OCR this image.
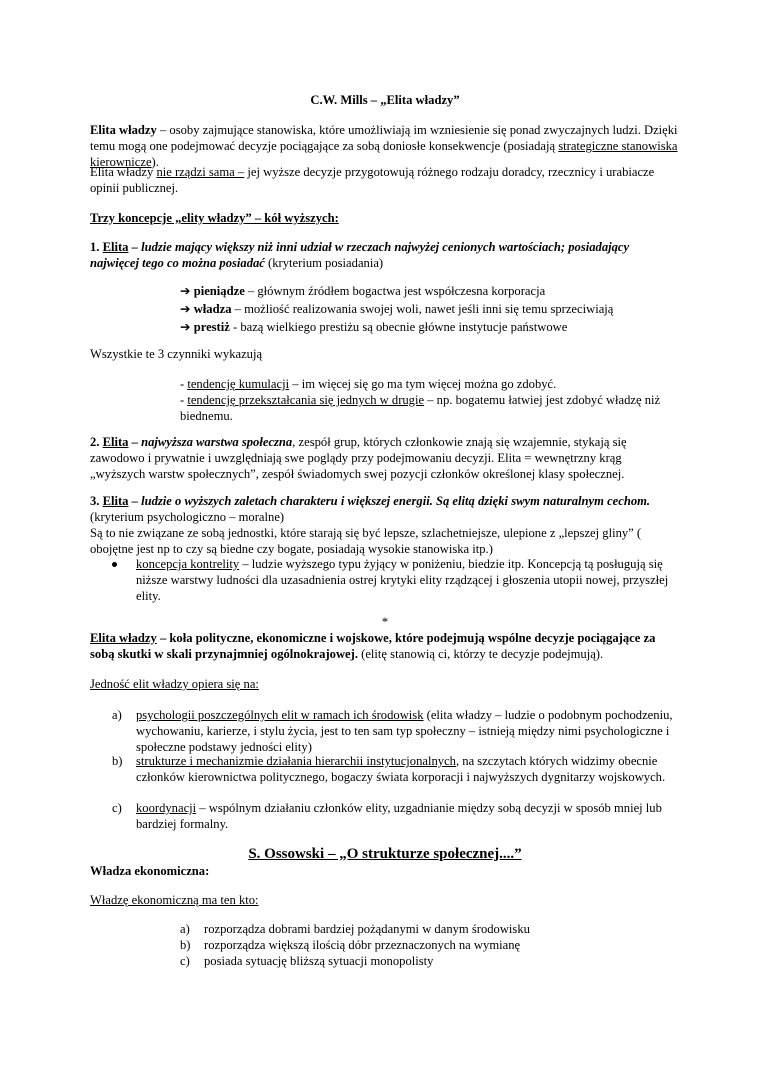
C.W. Mills – „Elita władzy”
Elita władzy – osoby zajmujące stanowiska, które umożliwiają im wzniesienie się ponad zwyczajnych ludzi. Dzięki temu mogą one podejmować decyzje pociągające za sobą doniosłe konsekwencje (posiadają strategiczne stanowiska kierownicze).
Elita władzy nie rządzi sama – jej wyższe decyzje przygotowują różnego rodzaju doradcy, rzecznicy i urabiacze opinii publicznej.
Trzy koncepcje „elity władzy” – kół wyższych:
1. Elita – ludzie mający większy niż inni udział w rzeczach najwyżej cenionych wartościach; posiadający najwięcej tego co można posiadać (kryterium posiadania)
➔ pieniądze – głównym źródłem bogactwa jest współczesna korporacja
➔ władza – możliość realizowania swojej woli, nawet jeśli inni się temu sprzeciwiają
➔ prestiż - bazą wielkiego prestiżu są obecnie główne instytucje państwowe
Wszystkie te 3 czynniki wykazują
- tendencję kumulacji – im więcej się go ma tym więcej można go zdobyć.
- tendencję przekształcania się jednych w drugie – np. bogatemu łatwiej jest zdobyć władzę niż biednemu.
2. Elita – najwyższa warstwa społeczna, zespół grup, których członkowie znają się wzajemnie, stykają się zawodowo i prywatnie i uwzględniają swe poglądy przy podejmowaniu decyzji. Elita = wewnętrzny krąg „wyższych warstw społecznych”, zespół świadomych swej pozycji członków określonej klasy społecznej.
3. Elita – ludzie o wyższych zaletach charakteru i większej energii. Są elitą dzięki swym naturalnym cechom.
(kryterium psychologiczno – moralne)
Są to nie związane ze sobą jednostki, które starają się być lepsze, szlachetniejsze, ulepione z „lepszej gliny” ( obojętne jest np to czy są biedne czy bogate, posiadają wysokie stanowiska itp.)
koncepcja kontrelity – ludzie wyższego typu żyjący w poniżeniu, biedzie itp. Koncepcją tą posługują się niższe warstwy ludności dla uzasadnienia ostrej krytyki elity rządzącej i głoszenia utopii nowej, przyszłej elity.
*
Elita władzy – koła polityczne, ekonomiczne i wojskowe, które podejmują wspólne decyzje pociągające za sobą skutki w skali przynajmniej ogólnokrajowej. (elitę stanowią ci, którzy te decyzje podejmują).
Jedność elit władzy opiera się na:
a) psychologii poszczególnych elit w ramach ich środowisk (elita władzy – ludzie o podobnym pochodzeniu, wychowaniu, karierze, i stylu życia, jest to ten sam typ społeczny – istnieją między nimi psychologiczne i społeczne podstawy jedności elity)
b) strukturze i mechanizmie działania hierarchii instytucjonalnych, na szczytach których widzimy obecnie członków kierownictwa politycznego, bogaczy świata korporacji i najwyższych dygnitarzy wojskowych.
c) koordynacji – wspólnym działaniu członków elity, uzgadnianie między sobą decyzji w sposób mniej lub bardziej formalny.
S. Ossowski – „O strukturze społecznej....”
Władza ekonomiczna:
Władzę ekonomiczną ma ten kto:
a) rozporządza dobrami bardziej pożądanymi w danym środowisku
b) rozporządza większą ilością dóbr przeznaczonych na wymianę
c) posiada sytuację bliższą sytuacji monopolisty
